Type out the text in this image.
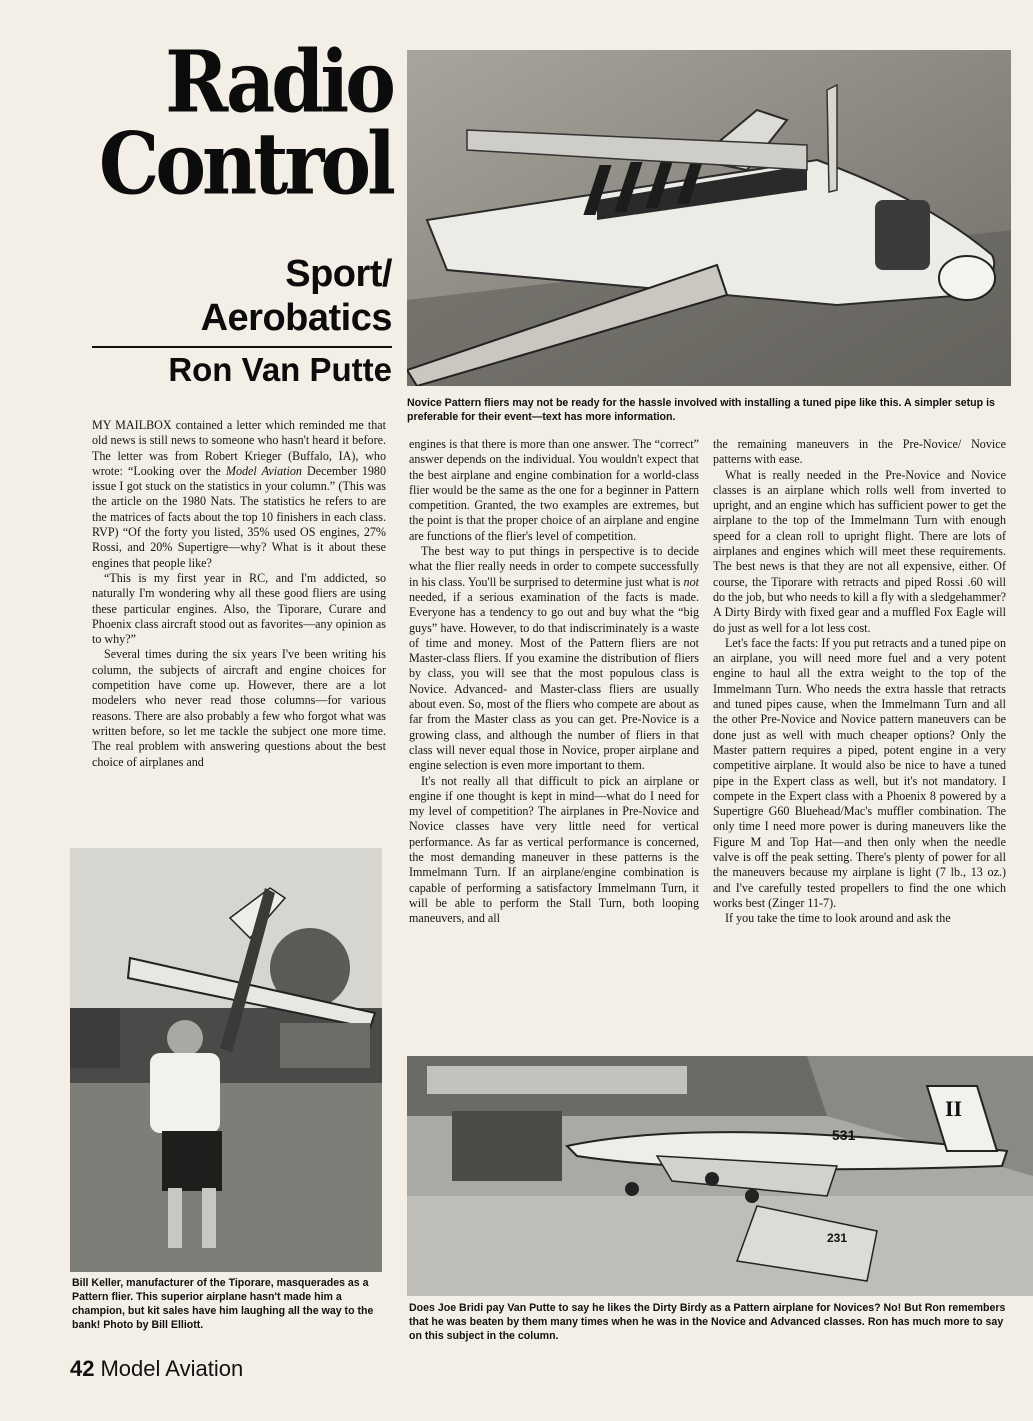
Radio
Control
Sport/
Aerobatics
Ron Van Putte
Novice Pattern fliers may not be ready for the hassle involved with installing a tuned pipe like this. A simpler setup is preferable for their event—text has more information.
Bill Keller, manufacturer of the Tiporare, masquerades as a Pattern flier. This superior airplane hasn't made him a champion, but kit sales have him laughing all the way to the bank! Photo by Bill Elliott.
531
231
II
Does Joe Bridi pay Van Putte to say he likes the Dirty Birdy as a Pattern airplane for Novices? No! But Ron remembers that he was beaten by them many times when he was in the Novice and Advanced classes. Ron has much more to say on this subject in the column.

MY MAILBOX contained a letter which reminded me that old news is still news to someone who hasn't heard it before. The letter was from Robert Krieger (Buffalo, IA), who wrote: “Looking over the Model Aviation December 1980 issue I got stuck on the statistics in your column.” (This was the article on the 1980 Nats. The statistics he refers to are the matrices of facts about the top 10 finishers in each class. RVP) “Of the forty you listed, 35% used OS engines, 27% Rossi, and 20% Supertigre—why? What is it about these engines that people like?

“This is my first year in RC, and I'm addicted, so naturally I'm wondering why all these good fliers are using these particular engines. Also, the Tiporare, Curare and Phoenix class aircraft stood out as favorites—any opinion as to why?”

Several times during the six years I've been writing his column, the subjects of aircraft and engine choices for competition have come up. However, there are a lot modelers who never read those columns—for various reasons. There are also probably a few who forgot what was written before, so let me tackle the subject one more time. The real problem with answering questions about the best choice of airplanes and

engines is that there is more than one answer. The “correct” answer depends on the individual. You wouldn't expect that the best airplane and engine combination for a world-class flier would be the same as the one for a beginner in Pattern competition. Granted, the two examples are extremes, but the point is that the proper choice of an airplane and engine are functions of the flier's level of competition.

The best way to put things in perspective is to decide what the flier really needs in order to compete successfully in his class. You'll be surprised to determine just what is not needed, if a serious examination of the facts is made. Everyone has a tendency to go out and buy what the “big guys” have. However, to do that indiscriminately is a waste of time and money. Most of the Pattern fliers are not Master-class fliers. If you examine the distribution of fliers by class, you will see that the most populous class is Novice. Advanced- and Master-class fliers are usually about even. So, most of the fliers who compete are about as far from the Master class as you can get. Pre-Novice is a growing class, and although the number of fliers in that class will never equal those in Novice, proper airplane and engine selection is even more important to them.

It's not really all that difficult to pick an airplane or engine if one thought is kept in mind—what do I need for my level of competition? The airplanes in Pre-Novice and Novice classes have very little need for vertical performance. As far as vertical performance is concerned, the most demanding maneuver in these patterns is the Immelmann Turn. If an airplane/engine combination is capable of performing a satisfactory Immelmann Turn, it will be able to perform the Stall Turn, both looping maneuvers, and all

the remaining maneuvers in the Pre-Novice/ Novice patterns with ease.

What is really needed in the Pre-Novice and Novice classes is an airplane which rolls well from inverted to upright, and an engine which has sufficient power to get the airplane to the top of the Immelmann Turn with enough speed for a clean roll to upright flight. There are lots of airplanes and engines which will meet these requirements. The best news is that they are not all expensive, either. Of course, the Tiporare with retracts and piped Rossi .60 will do the job, but who needs to kill a fly with a sledgehammer? A Dirty Birdy with fixed gear and a muffled Fox Eagle will do just as well for a lot less cost.

Let's face the facts: If you put retracts and a tuned pipe on an airplane, you will need more fuel and a very potent engine to haul all the extra weight to the top of the Immelmann Turn. Who needs the extra hassle that retracts and tuned pipes cause, when the Immelmann Turn and all the other Pre-Novice and Novice pattern maneuvers can be done just as well with much cheaper options? Only the Master pattern requires a piped, potent engine in a very competitive airplane. It would also be nice to have a tuned pipe in the Expert class as well, but it's not mandatory. I compete in the Expert class with a Phoenix 8 powered by a Supertigre G60 Bluehead/Mac's muffler combination. The only time I need more power is during maneuvers like the Figure M and Top Hat—and then only when the needle valve is off the peak setting. There's plenty of power for all the maneuvers because my airplane is light (7 lb., 13 oz.) and I've carefully tested propellers to find the one which works best (Zinger 11-7).

If you take the time to look around and ask the

42 Model Aviation
